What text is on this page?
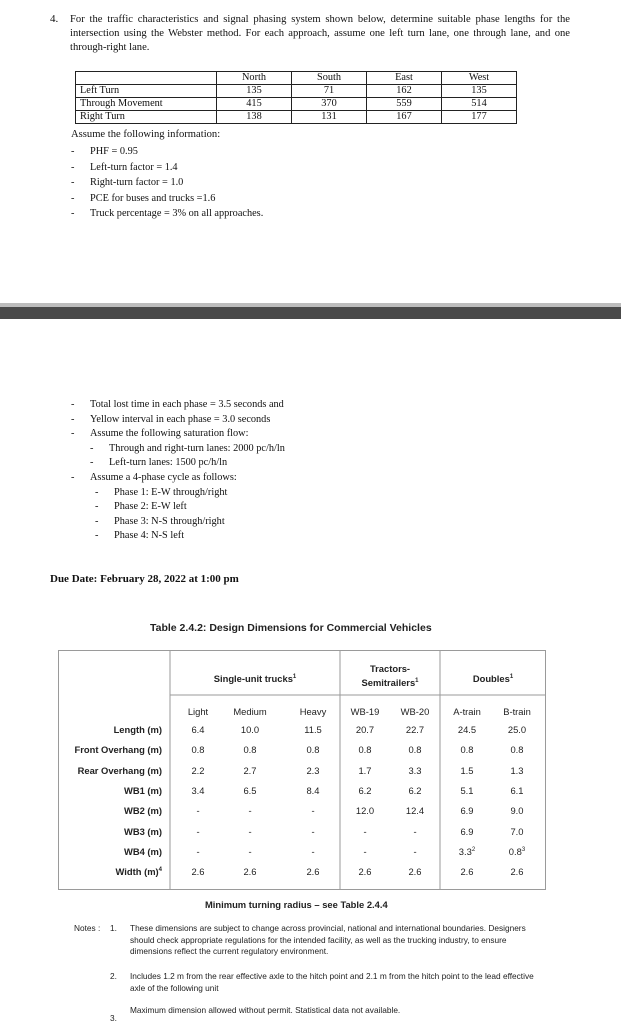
4. For the traffic characteristics and signal phasing system shown below, determine suitable phase lengths for the intersection using the Webster method. For each approach, assume one left turn lane, one through lane, and one through-right lane.
	North	South	East	West
Left Turn	135	71	162	135
Through Movement	415	370	559	514
Right Turn	138	131	167	177
Assume the following information:
-	PHF = 0.95
-	Left-turn factor = 1.4
-	Right-turn factor = 1.0
-	PCE for buses and trucks =1.6
-	Truck percentage = 3% on all approaches.
-	Total lost time in each phase = 3.5 seconds and
-	Yellow interval in each phase = 3.0 seconds
-	Assume the following saturation flow:
-	Through and right-turn lanes: 2000 pc/h/ln
-	Left-turn lanes: 1500 pc/h/ln
-	Assume a 4-phase cycle as follows:
-	Phase 1: E-W through/right
-	Phase 2: E-W left
-	Phase 3: N-S through/right
-	Phase 4: N-S left
Due Date: February 28, 2022 at 1:00 pm
Table 2.4.2: Design Dimensions for Commercial Vehicles
Single-unit trucks$^1$
Tractors-
Semitrailers$^1$	Doubles$^1$
Light	Medium	Heavy	WB-19	WB-20	A-train	B-train
Length (m)	6.4	10.0	11.5	20.7	22.7	24.5	25.0
Front Overhang (m)	0.8	0.8	0.8	0.8	0.8	0.8	0.8
Rear Overhang (m)	2.2	2.7	2.3	1.7	3.3	1.5	1.3
WB1 (m)	3.4	6.5	8.4	6.2	6.2	5.1	6.1
WB2 (m)	-	-	-	12.0	12.4	6.9	9.0
WB3 (m)	-	-	-	-	-	6.9	7.0
WB4 (m)	-	-	-	-	-	$3.3^2$	$0.8^3$
Width $(m)^4$	2.6	2.6	2.6	2.6	2.6	2.6	2.6
Minimum turning radius – see Table 2.4.4
Notes : 1. These dimensions are subject to change across provincial, national and international boundaries. Designers should check appropriate regulations for the intended facility, as well as the trucking industry, to ensure dimensions reflect the current regulatory environment.
2. Includes 1.2 m from the rear effective axle to the hitch point and 2.1 m from the hitch point to the lead effective axle of the following unit
3.
Maximum dimension allowed without permit. Statistical data not available.
